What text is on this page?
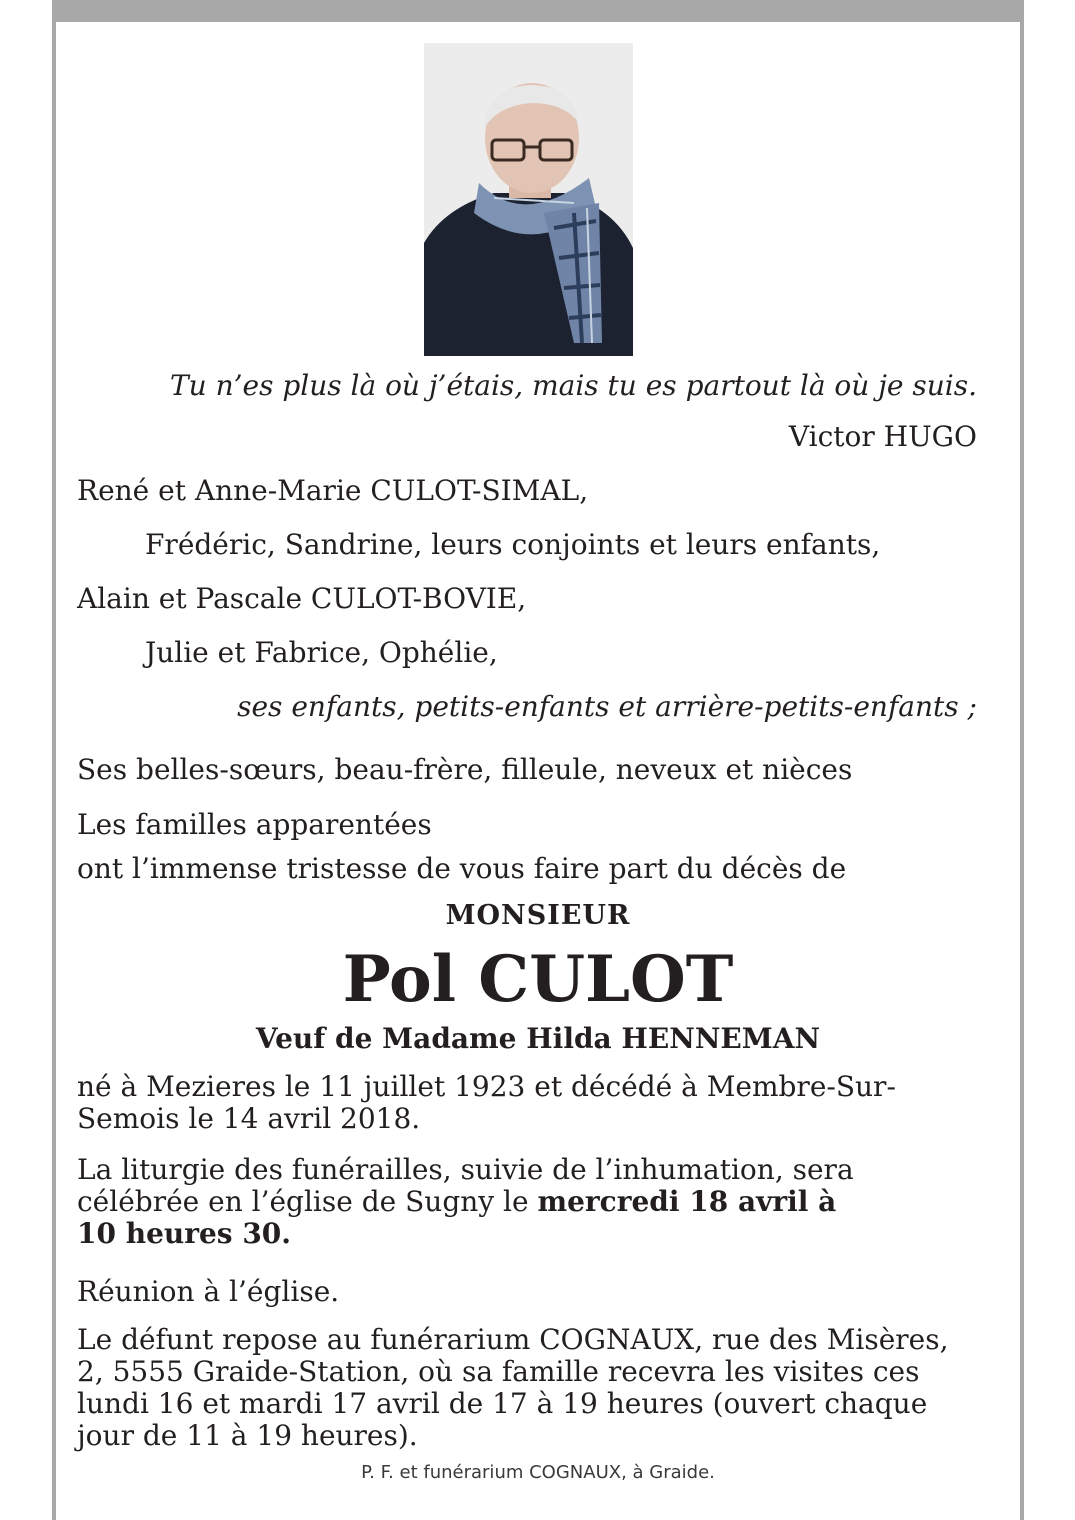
Tu n’es plus là où j’étais, mais tu es partout là où je suis.
Victor HUGO
René et Anne-Marie CULOT-SIMAL,
Frédéric, Sandrine, leurs conjoints et leurs enfants,
Alain et Pascale CULOT-BOVIE,
Julie et Fabrice, Ophélie,
ses enfants, petits-enfants et arrière-petits-enfants ;
Ses belles-sœurs, beau-frère, filleule, neveux et nièces
Les familles apparentées
ont l’immense tristesse de vous faire part du décès de
MONSIEUR
Pol CULOT
Veuf de Madame Hilda HENNEMAN
né à Mezieres le 11 juillet 1923 et décédé à Membre-Sur-
Semois le 14 avril 2018.
La liturgie des funérailles, suivie de l’inhumation, sera
célébrée en l’église de Sugny le mercredi 18 avril à
10 heures 30.
Réunion à l’église.
Le défunt repose au funérarium COGNAUX, rue des Misères,
2, 5555 Graide-Station, où sa famille recevra les visites ces
lundi 16 et mardi 17 avril de 17 à 19 heures (ouvert chaque
jour de 11 à 19 heures).
P. F. et funérarium COGNAUX, à Graide.
